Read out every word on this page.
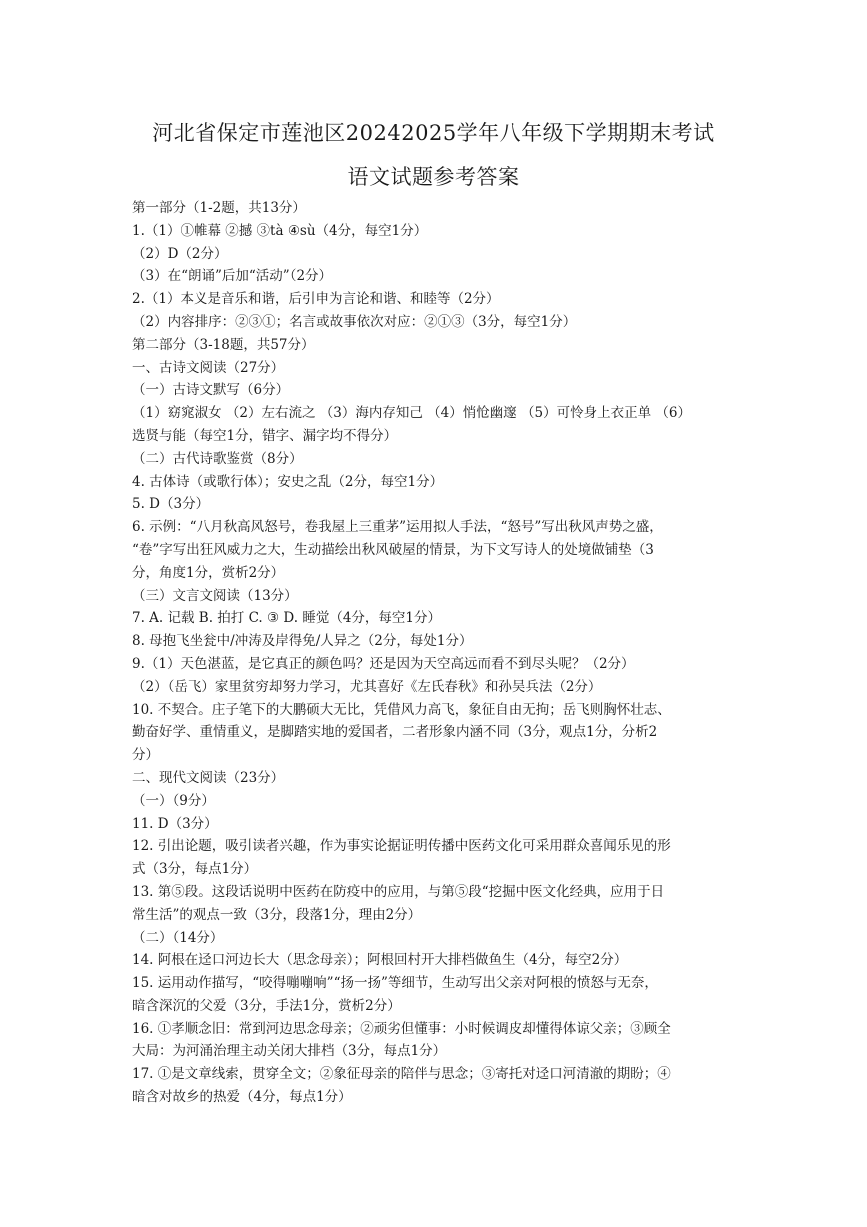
河北省保定市莲池区20242025学年八年级下学期期末考试
语文试题参考答案
第一部分（1-2题，共13分）
1.（1）①帷幕 ②撼 ③tà ④sù（4分，每空1分）
（2）D（2分）
（3）在“朗诵”后加“活动”（2分）
2.（1）本义是音乐和谐，后引申为言论和谐、和睦等（2分）
（2）内容排序：②③①；名言或故事依次对应：②①③（3分，每空1分）
第二部分（3-18题，共57分）
一、古诗文阅读（27分）
（一）古诗文默写（6分）
（1）窈窕淑女 （2）左右流之 （3）海内存知己 （4）悄怆幽邃 （5）可怜身上衣正单 （6）
选贤与能（每空1分，错字、漏字均不得分）
（二）古代诗歌鉴赏（8分）
4. 古体诗（或歌行体）；安史之乱（2分，每空1分）
5. D（3分）
6. 示例：“八月秋高风怒号，卷我屋上三重茅”运用拟人手法，“怒号”写出秋风声势之盛，
“卷”字写出狂风威力之大，生动描绘出秋风破屋的情景，为下文写诗人的处境做铺垫（3
分，角度1分，赏析2分）
（三）文言文阅读（13分）
7. A. 记载 B. 拍打 C. ③ D. 睡觉（4分，每空1分）
8. 母抱飞坐瓮中/冲涛及岸得免/人异之（2分，每处1分）
9.（1）天色湛蓝，是它真正的颜色吗？还是因为天空高远而看不到尽头呢？（2分）
（2）（岳飞）家里贫穷却努力学习，尤其喜好《左氏春秋》和孙吴兵法（2分）
10. 不契合。庄子笔下的大鹏硕大无比，凭借风力高飞，象征自由无拘；岳飞则胸怀壮志、
勤奋好学、重情重义，是脚踏实地的爱国者，二者形象内涵不同（3分，观点1分，分析2
分）
二、现代文阅读（23分）
（一）（9分）
11. D（3分）
12. 引出论题，吸引读者兴趣，作为事实论据证明传播中医药文化可采用群众喜闻乐见的形
式（3分，每点1分）
13. 第⑤段。这段话说明中医药在防疫中的应用，与第⑤段“挖掘中医文化经典，应用于日
常生活”的观点一致（3分，段落1分，理由2分）
（二）（14分）
14. 阿根在迳口河边长大（思念母亲）；阿根回村开大排档做鱼生（4分，每空2分）
15. 运用动作描写，“咬得嘣嘣响”“扬一扬”等细节，生动写出父亲对阿根的愤怒与无奈，
暗含深沉的父爱（3分，手法1分，赏析2分）
16. ①孝顺念旧：常到河边思念母亲；②顽劣但懂事：小时候调皮却懂得体谅父亲；③顾全
大局：为河涌治理主动关闭大排档（3分，每点1分）
17. ①是文章线索，贯穿全文；②象征母亲的陪伴与思念；③寄托对迳口河清澈的期盼；④
暗含对故乡的热爱（4分，每点1分）
